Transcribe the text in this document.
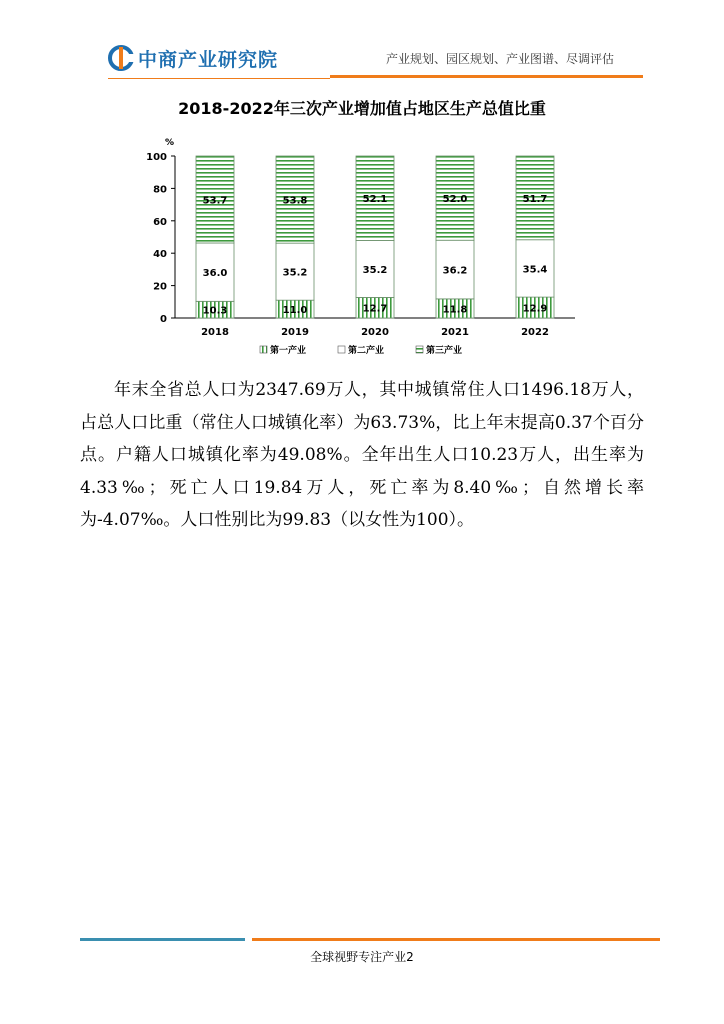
中商产业研究院	产业规划、园区规划、产业图谱、尽调评估
2018-2022年三次产业增加值占地区生产总值比重
%
0
20
40
60
80
100
10.3
36.0
53.7
2018
11.0
35.2
53.8
2019
12.7
35.2
52.1
2020
11.8
36.2
52.0
2021
12.9
35.4
51.7
2022
第一产业	第二产业	第三产业
年末全省总人口为2347.69万人，其中城镇常住人口1496.18万人，占总人口比重（常住人口城镇化率）为63.73%，比上年末提高0.37个百分点。户籍人口城镇化率为49.08%。全年出生人口10.23万人，出生率为4.33‰；死亡人口19.84万人，死亡率为8.40‰；自然增长率为-4.07‰。人口性别比为99.83（以女性为100）。
全球视野专注产业2
